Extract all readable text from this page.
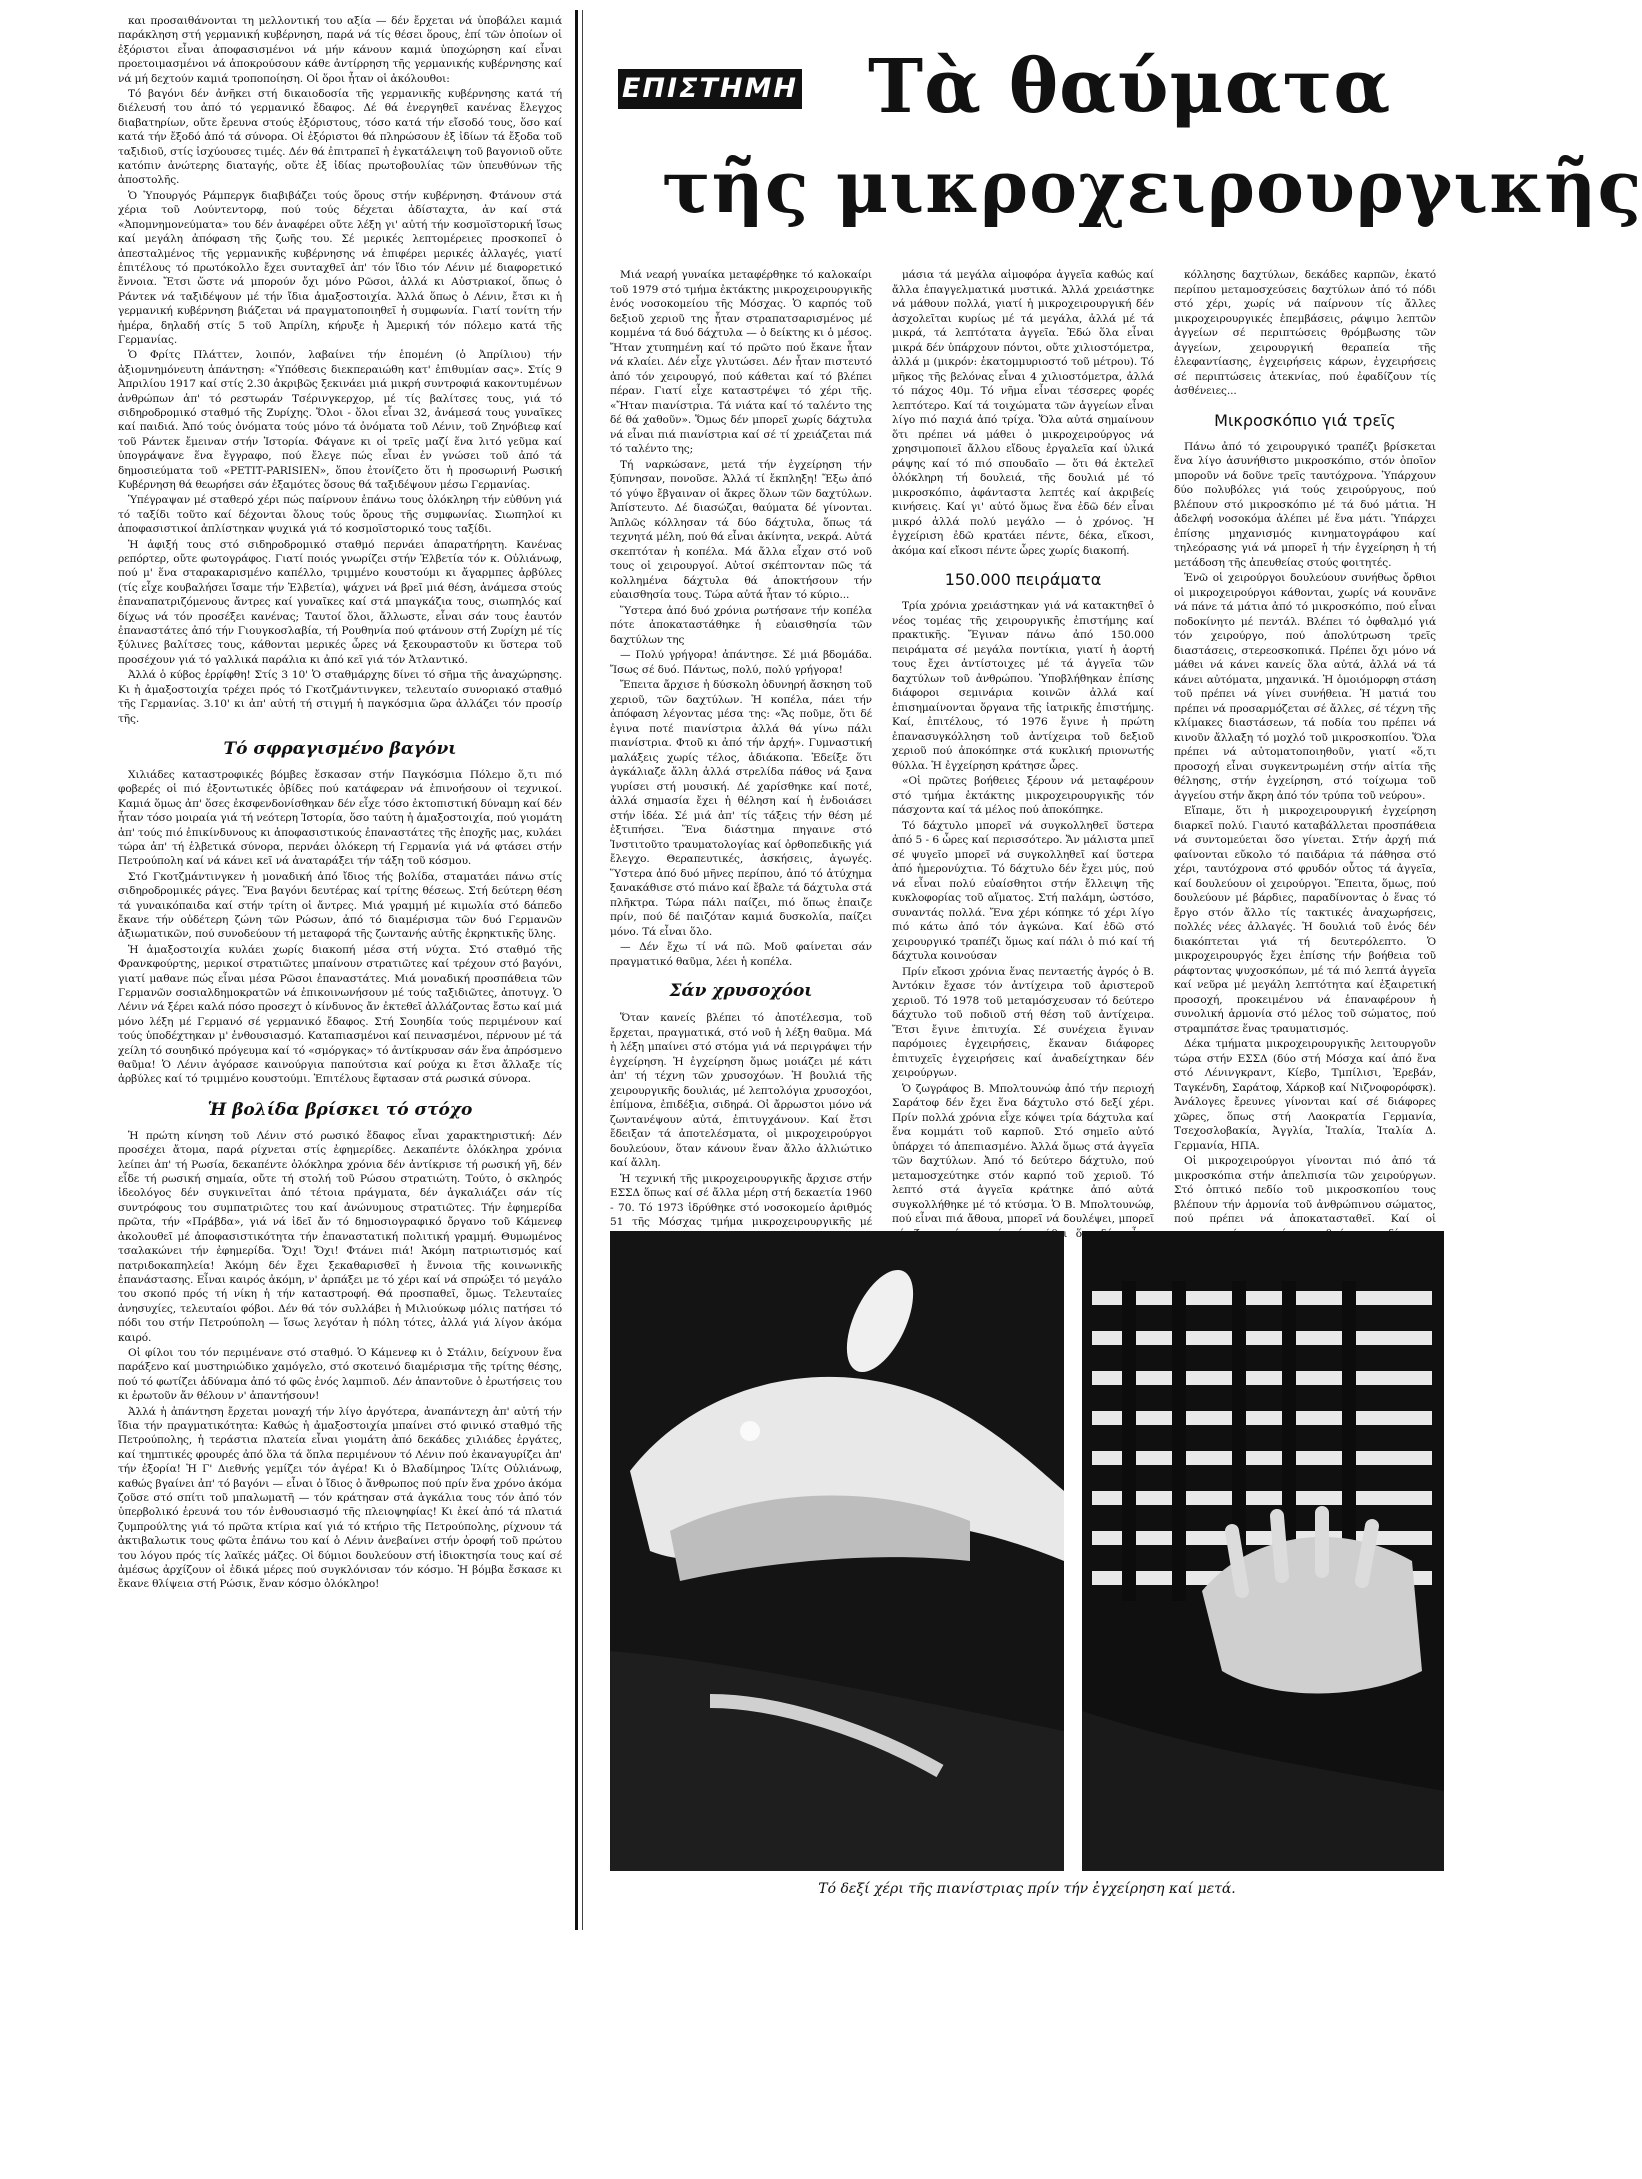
και προσαιθάνονται τη μελλοντική του αξία — δέν ἔρχεται νά ὑποβάλει καμιά παράκληση στή γερμανική κυβέρνηση, παρά νά τίς θέσει ὅρους, ἐπί τῶν ὁποίων οἱ ἐξόριστοι εἶναι ἀποφασισμένοι νά μήν κάνουν καμιά ὑποχώρηση καί εἶναι προετοιμασμένοι νά ἀποκρούσουν κάθε ἀντίρρηση τῆς γερμανικής κυβέρνησης καί νά μή δεχτούν καμιά τροποποίηση. Οἱ ὅροι ἦταν οἱ ἀκόλουθοι:

Τό βαγόνι δέν ἀνῆκει στή δικαιοδοσία τῆς γερμανικῆς κυβέρνησης κατά τή διέλευσή του ἀπό τό γερμανικό ἔδαφος. Δέ θά ἐνεργηθεῖ κανένας ἔλεγχος διαβατηρίων, οὔτε ἔρευνα στούς ἐξόριστους, τόσο κατά τήν εἴσοδό τους, ὅσο καί κατά τήν ἔξοδό ἀπό τά σύνορα. Οἱ ἐξόριστοι θά πληρώσουν ἐξ ἰδίων τά ἔξοδα τοῦ ταξιδιοῦ, στίς ἰσχύουσες τιμές. Δέν θά ἐπιτραπεῖ ἡ ἐγκατάλειψη τοῦ βαγονιοῦ οὔτε κατόπιν ἀνώτερης διαταγής, οὔτε ἐξ ἰδίας πρωτοβουλίας τῶν ὑπευθύνων τῆς ἀποστολῆς.

Ὁ Ὑπουργός Ράμπεργκ διαβιβάζει τούς ὅρους στήν κυβέρνηση. Φτάνουν στά χέρια τοῦ Λούντεντορφ, πού τούς δέχεται ἀδίσταχτα, ἀν καί στά «Ἀπομνημονεύματα» του δέν ἀναφέρει οὔτε λέξη γι' αὐτή τήν κοσμοϊστορική ἴσως καί μεγάλη ἀπόφαση τῆς ζωῆς του. Σέ μερικές λεπτομέρειες προσκοπεῖ ὁ ἀπεσταλμένος τῆς γερμανικῆς κυβέρνησης νά ἐπιφέρει μερικές ἀλλαγές, γιατί ἐπιτέλους τό πρωτόκολλο ἔχει συνταχθεῖ ἀπ' τόν ἴδιο τόν Λένιν μέ διαφορετικό ἔννοια. Ἔτσι ὥστε νά μπορούν ὄχι μόνο Ρῶσοι, ἀλλά κι Αὐστριακοί, ὅπως ὁ Ράντεκ νά ταξιδέψουν μέ τήν ἴδια ἀμαξοστοιχία. Ἀλλά ὅπως ὁ Λένιν, ἔτσι κι ἡ γερμανική κυβέρνηση βιάζεται νά πραγματοποιηθεῖ ἡ συμφωνία. Γιατί τονίτη τήν ἡμέρα, δηλαδή στίς 5 τοῦ Ἀπρίλη, κήρυξε ἡ Ἀμερική τόν πόλεμο κατά τῆς Γερμανίας.

Ὁ Φρίτς Πλάττεν, λοιπόν, λαβαίνει τήν ἑπομένη (ὁ Ἀπρίλιου) τήν ἀξιομνημόνευτη ἀπάντηση: «Ὑπόθεσις διεκπεραιώθη κατ' ἐπιθυμίαν σας». Στίς 9 Ἀπριλίου 1917 καί στίς 2.30 ἀκριβῶς ξεκινάει μιά μικρή συντροφιά κακοντυμένων ἀνθρώπων ἀπ' τό ρεστωράν Τσέρινγκερχορ, μέ τίς βαλίτσες τους, γιά τό σιδηροδρομικό σταθμό τῆς Ζυρίχης. Ὅλοι - ὅλοι εἶναι 32, ἀνάμεσά τους γυναῖκες καί παιδιά. Ἀπό τούς ὀνόματα τούς μόνο τά ὀνόματα τοῦ Λένιν, τοῦ Ζηνόβιεφ καί τοῦ Ράντεκ ἔμειναν στήν Ἱστορία. Φάγανε κι οἱ τρεῖς μαζί ἕνα λιτό γεῦμα καί ὑπογράψανε ἕνα ἔγγραφο, πού ἔλεγε πώς εἶναι ἐν γνώσει τοῦ ἀπό τά δημοσιεύματα τοῦ «ΡΕΤΙΤ-PARISIEN», ὅπου ἐτονίζετο ὅτι ἡ προσωρινή Ρωσική Κυβέρνηση θά θεωρήσει σάν ἐξαμότες ὅσους θά ταξιδέψουν μέσω Γερμανίας.

Ὑπέγραψαν μέ σταθερό χέρι πώς παίρνουν ἐπάνω τους ὁλόκληρη τήν εὐθύνη γιά τό ταξίδι τοῦτο καί δέχονται ὅλους τούς ὅρους τῆς συμφωνίας. Σιωπηλοί κι ἀποφασιστικοί ἀπλίστηκαν ψυχικά γιά τό κοσμοϊστορικό τους ταξίδι.

Ἡ ἀφιξή τους στό σιδηροδρομικό σταθμό περνάει ἀπαρατήρητη. Κανένας ρεπόρτερ, οὔτε φωτογράφος. Γιατί ποιός γνωρίζει στήν Ἑλβετία τόν κ. Οὐλιάνωφ, πού μ' ἕνα σταρακαρισμένο καπέλλο, τριμμένο κουστούμι κι ἄγαρμπες ἀρβύλες (τίς εἶχε κουβαλήσει ἴσαμε τήν Ἑλβετία), ψάχνει νά βρεῖ μιά θέση, ἀνάμεσα στούς ἐπαναπατριζόμενους ἄντρες καί γυναῖκες καί στά μπαγκάζια τους, σιωπηλός καί δίχως νά τόν προσέξει κανένας; Ταυτοί ὅλοι, ἄλλωστε, εἶναι σάν τους ἑαυτόν ἐπαναστάτες ἀπό τήν Γιουγκοσλαβία, τή Ρουθηνία πού φτάνουν στή Ζυρίχη μέ τίς ξύλινες βαλίτσες τους, κάθονται μερικές ὧρες νά ξεκουραστοῦν κι ὕστερα τοῦ προσέχουν γιά τό γαλλικά παράλια κι ἀπό κεῖ γιά τόν Ἀτλαντικό.

Ἀλλά ὁ κύβος ἐρρίφθη! Στίς 3 10' Ὁ σταθμάρχης δίνει τό σῆμα τῆς ἀναχώρησης. Κι ἡ ἀμαξοστοιχία τρέχει πρός τό Γκοτζμάντινγκεν, τελευταίο συνοριακό σταθμό τῆς Γερμανίας. 3.10' κι ἀπ' αὐτή τή στιγμή ἡ παγκόσμια ὥρα ἀλλάζει τόν προσίρ τῆς.

Τό σφραγισμένο βαγόνι

Χιλιάδες καταστροφικές βόμβες ἔσκασαν στήν Παγκόσμια Πόλεμο ὅ,τι πιό φοβερές οἱ πιό ἐξοντωτικές ὀβίδες πού κατάφεραν νά ἐπινοήσουν οἱ τεχνικοί. Καμιά ὅμως ἀπ' ὅσες ἐκσφενδονίσθηκαν δέν εἶχε τόσο ἐκτοπιστική δύναμη καί δέν ἦταν τόσο μοιραία γιά τή νεότερη Ἱστορία, ὅσο ταύτη ἡ ἀμαξοστοιχία, πού γιομάτη ἀπ' τούς πιό ἐπικίνδυνους κι ἀποφασιστικούς ἐπαναστάτες τῆς ἐποχῆς μας, κυλάει τώρα ἀπ' τή ἑλβετικά σύνορα, περνάει ὁλόκερη τή Γερμανία γιά νά φτάσει στήν Πετρούπολη καί νά κάνει κεῖ νά ἀναταράξει τήν τάξη τοῦ κόσμου.

Στό Γκοτζμάντινγκεν ἡ μοναδική ἀπό ἴδιος τής βολίδα, σταματάει πάνω στίς σιδηροδρομικές ράγες. Ἕνα βαγόνι δευτέρας καί τρίτης θέσεως. Στή δεύτερη θέση τά γυναικόπαιδα καί στήν τρίτη οἱ ἄντρες. Μιά γραμμή μέ κιμωλία στό δάπεδο ἔκανε τήν οὐδέτερη ζώνη τῶν Ρώσων, ἀπό τό διαμέρισμα τῶν δυό Γερμανῶν ἀξιωματικῶν, πού συνοδεύουν τή μεταφορά τῆς ζωντανής αὐτῆς ἐκρηκτικῆς ὕλης.

Ἡ ἀμαξοστοιχία κυλάει χωρίς διακοπή μέσα στή νύχτα. Στό σταθμό τῆς Φρανκφούρτης, μερικοί στρατιῶτες μπαίνουν στρατιῶτες καί τρέχουν στό βαγόνι, γιατί μαθανε πώς εἶναι μέσα Ρῶσοι ἐπαναστάτες. Μιά μοναδική προσπάθεια τῶν Γερμανῶν σοσιαλδημοκρατῶν νά ἐπικοινωνήσουν μέ τούς ταξιδιῶτες, ἀποτυγχ. Ὁ Λένιν νά ξέρει καλά πόσο προσεχτ ὁ κίνδυνος ἄν ἐκτεθεῖ ἀλλάζοντας ἔστω καί μιά μόνο λέξη μέ Γερμανό σέ γερμανικό ἔδαφος. Στή Σουηδία τούς περιμένουν καί τούς ὑποδέχτηκαν μ' ἐνθουσιασμό. Καταπιασμένοι καί πεινασμένοι, πέρνουν μέ τά χείλη τό σουηδικό πρόγευμα καί τό «σμόργκας» τό ἀντίκρυσαν σάν ἕνα ἀπρόσμενο θαῦμα! Ὁ Λένιν ἀγόρασε καινούργια παπούτσια καί ρούχα κι ἔτσι ἄλλαξε τίς ἀρβύλες καί τό τριμμένο κουστούμι. Ἐπιτέλους ἔφτασαν στά ρωσικά σύνορα.

Ἡ βολίδα βρίσκει τό στόχο

Ἡ πρώτη κίνηση τοῦ Λένιν στό ρωσικό ἔδαφος εἶναι χαρακτηριστική: Δέν προσέχει ἄτομα, παρά ρίχνεται στίς ἐφημερίδες. Δεκαπέντε ὁλόκληρα χρόνια λείπει ἀπ' τή Ρωσία, δεκαπέντε ὁλόκληρα χρόνια δέν ἀντίκρισε τή ρωσική γῆ, δέν εἶδε τή ρωσική σημαία, οὔτε τή στολή τοῦ Ρώσου στρατιώτη. Τούτο, ὁ σκληρός ἰδεολόγος δέν συγκινεῖται ἀπό τέτοια πράγματα, δέν ἀγκαλιάζει σάν τίς συντρόφους του συμπατριῶτες του καί ἀνώνυμους στρατιῶτες. Τήν ἐφημερίδα πρῶτα, τήν «Πράβδα», γιά νά ἰδεῖ ἄν τό δημοσιογραφικό ὄργανο τοῦ Κάμενεφ ἀκολουθεῖ μέ ἀποφασιστικότητα τήν ἐπαναστατική πολιτική γραμμή. Θυμωμένος τσαλακώνει τήν ἐφημερίδα. Ὄχι! Ὄχι! Φτάνει πιά! Ἀκόμη πατριωτισμός καί πατριδοκαπηλεία! Ἀκόμη δέν ἔχει ξεκαθαρισθεῖ ἡ ἔννοια τῆς κοινωνικῆς ἐπανάστασης. Εἶναι καιρός ἀκόμη, ν' ἀρπάξει με τό χέρι καί νά σπρώξει τό μεγάλο του σκοπό πρός τή νίκη ἡ τήν καταστροφή. Θά προσπαθεῖ, ὅμως. Τελευταίες ἀνησυχίες, τελευταίοι φόβοι. Δέν θά τόν συλλάβει ἡ Μιλιούκωφ μόλις πατήσει τό πόδι του στήν Πετρούπολη — ἴσως λεγόταν ἡ πόλη τότες, ἀλλά γιά λίγον ἀκόμα καιρό.

Οἱ φίλοι του τόν περιμένανε στό σταθμό. Ὁ Κάμενεφ κι ὁ Στάλιν, δείχνουν ἕνα παράξενο καί μυστηριώδικο χαμόγελο, στό σκοτεινό διαμέρισμα τῆς τρίτης θέσης, πού τό φωτίζει ἀδύναμα ἀπό τό φῶς ἑνός λαμπιοῦ. Δέν ἀπαντοῦνε ὁ ἐρωτήσεις του κι ἐρωτοῦν ἄν θέλουν ν' ἀπαντήσουν!

Ἀλλά ἡ ἀπάντηση ἔρχεται μοναχή τήν λίγο ἀργότερα, ἀναπάντεχη ἀπ' αὐτή τήν ἴδια τήν πραγματικότητα: Καθώς ἡ ἀμαξοστοιχία μπαίνει στό φινικό σταθμό τῆς Πετρούπολης, ἡ τεράστια πλατεία εἶναι γιομάτη ἀπό δεκάδες χιλιάδες ἐργάτες, καί τημπτικές φρουρές ἀπό ὅλα τά ὅπλα περιμένουν τό Λένιν πού ἐκαναγυρίζει ἀπ' τήν ἐξορία! Ἡ Γ' Διεθνής γεμίζει τόν ἀγέρα! Κι ὁ Βλαδίμηρος Ἰλίτς Οὐλιάνωφ, καθώς βγαίνει ἀπ' τό βαγόνι — εἶναι ὁ ἴδιος ὁ ἄνθρωπος πού πρίν ἕνα χρόνο ἀκόμα ζοῦσε στό σπίτι τοῦ μπαλωματῆ — τόν κράτησαν στά ἀγκάλια τους τόν ἀπό τόν ὑπερβολικό ἐρευνά του τόν ἐνθουσιασμό τῆς πλειοψηφίας! Κι ἐκεί ἀπό τά πλατιά ζυμπρούλτης γιά τό πρῶτα κτίρια καί γιά τό κτήριο τῆς Πετρούπολης, ρίχνουν τά ἀκτιβαλωτικ τους φῶτα ἐπάνω του καί ὁ Λένιν ἀνεβαίνει στήν ὀροφή τοῦ πρώτου του λόγου πρός τίς λαϊκές μάζες. Οἱ δύμιοι δουλεύουν στή ἱδιοκτησία τους καί σέ ἀμέσως ἀρχίζουν οἱ ἐδικά μέρες πού συγκλόνισαν τόν κόσμο. Ἡ βόμβα ἔσκασε κι ἔκανε θλίψεια στή Ρώσικ, ἕναν κόσμο ὁλόκληρο!

ΕΠΙΣΤΗΜΗ Τὰ θαύματα
τῆς μικροχειρουργικῆς

Μιά νεαρή γυναίκα μεταφέρθηκε τό καλοκαίρι τοῦ 1979 στό τμήμα ἐκτάκτης μικροχειρουργικῆς ἑνός νοσοκομείου τῆς Μόσχας. Ὁ καρπός τοῦ δεξιοῦ χεριοῦ της ἦταν στραπατσαρισμένος μέ κομμένα τά δυό δάχτυλα — ὁ δείκτης κι ὁ μέσος. Ἤταν χτυπημένη καί τό πρῶτο πού ἔκανε ἦταν νά κλαίει. Δέν εἶχε γλυτώσει. Δέν ἦταν πιστευτό ἀπό τόν χειρουργό, πού κάθεται καί τό βλέπει πέραν. Γιατί εἶχε καταστρέψει τό χέρι τῆς. «Ἤταν πιανίστρια. Τά νιάτα καί τό ταλέντο της δέ θά χαθοῦν». Ὅμως δέν μπορεῖ χωρίς δάχτυλα νά εἶναι πιά πιανίστρια καί σέ τί χρειάζεται πιά τό ταλέντο της;

Τή ναρκώσανε, μετά τήν ἐγχείρηση τήν ξύπνησαν, πονοῦσε. Ἀλλά τί ἔκπληξη! Ἔξω ἀπό τό γύψο ἔβγαιναν οἱ ἄκρες ὅλων τῶν δαχτύλων. Ἀπίστευτο. Δέ διασώζαι, θαύματα δέ γίνονται. Ἁπλῶς κόλλησαν τά δύο δάχτυλα, ὅπως τά τεχνητά μέλη, πού θά εἶναι ἀκίνητα, νεκρά. Αὐτά σκεπτόταν ἡ κοπέλα. Μά ἄλλα εἶχαν στό νοῦ τους οἱ χειρουργοί. Αὐτοί σκέπτονταν πῶς τά κολλημένα δάχτυλα θά ἀποκτήσουν τήν εὐαισθησία τους. Τώρα αὐτά ἦταν τό κύριο...

Ὕστερα ἀπό δυό χρόνια ρωτήσανε τήν κοπέλα πότε ἀποκαταστάθηκε ἡ εὐαισθησία τῶν δαχτύλων της

— Πολύ γρήγορα! ἀπάντησε. Σέ μιά βδομάδα. Ἴσως σέ δυό. Πάντως, πολύ, πολύ γρήγορα!

Ἔπειτα ἄρχισε ἡ δύσκολη ὀδυνηρή ἄσκηση τοῦ χεριοῦ, τῶν δαχτύλων. Ἡ κοπέλα, πάει τήν ἀπόφαση λέγοντας μέσα της: «Ἄς ποῦμε, ὅτι δέ ἐγινα ποτέ πιανίστρια ἀλλά θά γίνω πάλι πιανίστρια. Φτοῦ κι ἀπό τήν ἀρχή». Γυμναστική μαλάξεις χωρίς τέλος, ἀδιάκοπα. Ἐδείξε ὅτι ἀγκάλιαζε ἄλλη ἀλλά στρελίδα πάθος νά ξανα γυρίσει στή μουσική. Δέ χαρίσθηκε καί ποτέ, ἀλλά σημασία ἔχει ἡ θέληση καί ἡ ἐνδοιάσει στήν ἰδέα. Σέ μιά ἀπ' τίς τάξεις τήν θέση μέ ἐξτιπήσει. Ἕνα διάστημα πηγαινε στό Ἰνστιτοῦτο τραυματολογίας καί ὀρθοπεδικῆς γιά ἔλεγχο. Θεραπευτικές, ἀσκήσεις, ἀγωγές. Ὕστερα ἀπό δυό μῆνες περίπου, ἀπό τό ἀτύχημα ξανακάθισε στό πιάνο καί ἔβαλε τά δάχτυλα στά πλῆκτρα. Τώρα πάλι παίζει, πιό ὅπως ἐπαιζε πρίν, πού δέ παιζόταν καμιά δυσκολία, παίζει μόνο. Τά εἶναι ὅλο.

— Δέν ἔχω τί νά πῶ. Μοῦ φαίνεται σάν πραγματικό θαῦμα, λέει ἡ κοπέλα.

Σάν χρυσοχόοι

Ὅταν κανείς βλέπει τό ἀποτέλεσμα, τοῦ ἔρχεται, πραγματικά, στό νοῦ ἡ λέξη θαῦμα. Μά ἡ λέξη μπαίνει στό στόμα γιά νά περιγράψει τήν ἐγχείρηση. Ἡ ἐγχείρηση ὅμως μοιάζει μέ κάτι ἀπ' τή τέχνη τῶν χρυσοχόων. Ἡ βουλιά τῆς χειρουργικῆς δουλιάς, μέ λεπτολόγια χρυσοχόοι, ἐπίμονα, ἐπιδέξια, σιδηρά. Οἱ ἄρρωστοι μόνο νά ζωντανέψουν αὐτά, ἐπιτυγχάνουν. Καί ἔτσι ἔδειξαν τά ἀποτελέσματα, οἱ μικροχειρούργοι δουλεύουν, ὅταν κάνουν ἕναν ἄλλο ἀλλιώτικο καί ἄλλη.

Ἡ τεχνική τῆς μικροχειρουργικῆς ἄρχισε στήν ΕΣΣΔ ὅπως καί σέ ἄλλα μέρη στή δεκαετία 1960 - 70. Τό 1973 ἱδρύθηκε στό νοσοκομείο ἀριθμός 51 τῆς Μόσχας τμήμα μικροχειρουργικῆς μέ

μάσια τά μεγάλα αἱμοφόρα ἀγγεῖα καθώς καί ἄλλα ἐπαγγελματικά μυστικά. Ἀλλά χρειάστηκε νά μάθουν πολλά, γιατί ἡ μικροχειρουργική δέν ἀσχολεῖται κυρίως μέ τά μεγάλα, ἀλλά μέ τά μικρά, τά λεπτότατα ἀγγεῖα. Ἐδώ ὅλα εἶναι μικρά δέν ὑπάρχουν πόντοι, οὔτε χιλιοστόμετρα, ἀλλά μ (μικρόν: ἑκατομμυριοστό τοῦ μέτρου). Τό μῆκος τῆς βελόνας εἶναι 4 χιλιοστόμετρα, ἀλλά τό πάχος 40μ. Τό νῆμα εἶναι τέσσερες φορές λεπτότερο. Καί τά τοιχώματα τῶν ἀγγείων εἶναι λίγο πιό παχιά ἀπό τρίχα. Ὅλα αὐτά σημαίνουν ὅτι πρέπει νά μάθει ὁ μικροχειρούργος νά χρησιμοποιεῖ ἄλλου εἴδους ἐργαλεῖα καί ὑλικά ράψης καί τό πιό σπουδαῖο — ὅτι θά ἐκτελεῖ ὁλόκληρη τή δουλειά, τῆς δουλιά μέ τό μικροσκόπιο, ἀφάνταστα λεπτές καί ἀκριβείς κινήσεις. Καί γι' αὐτό ὅμως ἕνα ἐδῶ δέν εἶναι μικρό ἀλλά πολύ μεγάλο — ὁ χρόνος. Ἡ ἐγχείριση ἐδῶ κρατάει πέντε, δέκα, εἴκοσι, ἀκόμα καί εἴκοσι πέντε ὧρες χωρίς διακοπή.

150.000 πειράματα

Τρία χρόνια χρειάστηκαν γιά νά κατακτηθεῖ ὁ νέος τομέας τῆς χειρουργικῆς ἐπιστήμης καί πρακτικῆς. Ἔγιναν πάνω ἀπό 150.000 πειράματα σέ μεγάλα ποντίκια, γιατί ἡ ἀορτή τους ἔχει ἀντίστοιχες μέ τά ἀγγεῖα τῶν δαχτύλων τοῦ ἀνθρώπου. Ὑποβλήθηκαν ἐπίσης διάφοροι σεμινάρια κοινῶν ἀλλά καί ἐπισημαίνονται ὅργανα τῆς ἰατρικῆς ἐπιστήμης. Καί, ἐπιτέλους, τό 1976 ἔγινε ἡ πρώτη ἐπανασυγκόλληση τοῦ ἀντίχειρα τοῦ δεξιοῦ χεριοῦ πού ἀποκόπηκε στά κυκλική πριονωτής θύλλα. Ἡ ἐγχείρηση κράτησε ὧρες.

«Οἱ πρῶτες βοήθειες ξέρουν νά μεταφέρουν στό τμήμα ἐκτάκτης μικροχειρουργικῆς τόν πάσχοντα καί τά μέλος πού ἀποκόπηκε.

Τό δάχτυλο μπορεῖ νά συγκολληθεῖ ὕστερα ἀπό 5 - 6 ὧρες καί περισσότερο. Ἄν μάλιστα μπεῖ σέ ψυγεῖο μπορεῖ νά συγκολληθεῖ καί ὕστερα ἀπό ἡμερονύχτια. Τό δάχτυλο δέν ἔχει μύς, πού νά εἶναι πολύ εὐαίσθητοι στήν ἔλλειψη τῆς κυκλοφορίας τοῦ αἵματος. Στή παλάμη, ὡστόσο, συναντάς πολλά. Ἔνα χέρι κόπηκε τό χέρι λίγο πιό κάτω ἀπό τόν ἀγκώνα. Καί ἐδῶ στό χειρουργικό τραπέζι ὅμως καί πάλι ὁ πιό καί τή δάχτυλα κοινούσαν

Πρίν εἴκοσι χρόνια ἕνας πενταετής ἀγρός ὁ Β. Ἀντόκιν ἔχασε τόν ἀντίχειρα τοῦ ἀριστεροῦ χεριοῦ. Τό 1978 τοῦ μεταμόσχευσαν τό δεύτερο δάχτυλο τοῦ ποδιοῦ στή θέση τοῦ ἀντίχειρα. Ἔτσι ἔγινε ἐπιτυχία. Σέ συνέχεια ἔγιναν παρόμοιες ἐγχειρήσεις, ἔκαναν διάφορες ἐπιτυχεῖς ἐγχειρήσεις καί ἀναδείχτηκαν δέν χειρούργων.

Ὁ ζωγράφος Β. Μπολτουνώφ ἀπό τήν περιοχή Σαράτοφ δέν ἔχει ἕνα δάχτυλο στό δεξί χέρι. Πρίν πολλά χρόνια εἶχε κόψει τρία δάχτυλα καί ἕνα κομμάτι τοῦ καρποῦ. Στό σημεῖο αὐτό ὑπάρχει τό ἀπεπιασμένο. Ἀλλά ὅμως στά ἀγγεῖα τῶν δαχτύλων. Ἀπό τό δεύτερο δάχτυλο, πού μεταμοσχεύτηκε στόν καρπό τοῦ χεριοῦ. Τό λεπτό στά ἀγγεῖα κράτηκε ἀπό αὐτά συγκολλήθηκε μέ τό κτύσμα. Ὁ Β. Μπολτουνώφ, πού εἶναι πιά ἄθουα, μπορεῖ νά δουλέψει, μπορεῖ

κόλλησης δαχτύλων, δεκάδες καρπῶν, ἑκατό περίπου μεταμοσχεύσεις δαχτύλων ἀπό τό πόδι στό χέρι, χωρίς νά παίρνουν τίς ἄλλες μικροχειρουργικές ἐπεμβάσεις, ράψιμο λεπτῶν ἀγγείων σέ περιπτώσεις θρόμβωσης τῶν ἀγγείων, χειρουργική θεραπεία τῆς ἐλεφαντίασης, ἐγχειρήσεις κάρων, ἐγχειρήσεις σέ περιπτώσεις ἀτεκνίας, πού ἐφαδίζουν τίς ἀσθένειες...

Μικροσκόπιο γιά τρεῖς

Πάνω ἀπό τό χειρουργικό τραπέζι βρίσκεται ἕνα λίγο ἀσυνήθιστο μικροσκόπιο, στόν ὁποῖον μποροῦν νά δοῦνε τρεῖς ταυτόχρονα. Ὑπάρχουν δύο πολυβόλες γιά τούς χειρούργους, πού βλέπουν στό μικροσκόπιο μέ τά δυό μάτια. Ἡ ἀδελφή νοσοκόμα ἀλέπει μέ ἕνα μάτι. Ὑπάρχει ἐπίσης μηχανισμός κινηματογράφου καί τηλεόρασης γιά νά μπορεῖ ἡ τήν ἐγχείρηση ἡ τή μετάδοση τῆς ἀπευθείας στούς φοιτητές.

Ἐνῶ οἱ χειρούργοι δουλεύουν συνήθως ὄρθιοι οἱ μικροχειρούργοι κάθονται, χωρίς νά κουνᾶνε νά πάνε τά μάτια ἀπό τό μικροσκόπιο, πού εἶναι ποδοκίνητο μέ πεντάλ. Βλέπει τό ὀφθαλμό γιά τόν χειρούργο, πού ἀπολύτρωση τρεῖς διαστάσεις, στερεοσκοπικά. Πρέπει ὄχι μόνο νά μάθει νά κάνει κανείς ὅλα αὐτά, ἀλλά νά τά κάνει αὐτόματα, μηχανικά. Ἡ ὁμοιόμορφη στάση τοῦ πρέπει νά γίνει συνήθεια. Ἡ ματιά του πρέπει νά προσαρμόζεται σέ ἄλλες, σέ τέχνη τῆς κλίμακες διαστάσεων, τά ποδία του πρέπει νά κινοῦν ἄλλαξη τό μοχλό τοῦ μικροσκοπίου. Ὅλα πρέπει νά αὐτοματοποιηθοῦν, γιατί «ὅ,τι προσοχή εἶναι συγκεντρωμένη στήν αἰτία τῆς θέλησης, στήν ἐγχείρηση, στό τοίχωμα τοῦ ἀγγείου στήν ἄκρη ἀπό τόν τρύπα τοῦ νεύρου».

Εἴπαμε, ὅτι ἡ μικροχειρουργική ἐγχείρηση διαρκεῖ πολύ. Γιαυτό καταβάλλεται προσπάθεια νά συντομεύεται ὅσο γίνεται. Στήν ἀρχή πιά φαίνονται εὔκολο τό παιδάρια τά πάθησα στό χέρι, ταυτόχρονα στό φρυδόν οὗτος τά ἀγγεῖα, καί δουλεύουν οἱ χειρούργοι. Ἔπειτα, ὅμως, πού δουλεύουν μέ βάρδιες, παραδίνοντας ὁ ἕνας τό ἔργο στόν ἄλλο τίς τακτικές ἀναχωρήσεις, πολλές νέες ἀλλαγές. Ἡ δουλιά τοῦ ἑνός δέν διακόπτεται γιά τή δευτερόλεπτο. Ὁ μικροχειρουργός ἔχει ἐπίσης τήν βοήθεια τοῦ ράφτοντας ψυχοσκόπων, μέ τά πιό λεπτά ἀγγεῖα καί νεῦρα μέ μεγάλη λεπτότητα καί ἐξαιρετική προσοχή, προκειμένου νά ἐπαναφέρουν ἡ συνολική ἁρμονία στό μέλος τοῦ σώματος, πού στραμπάτσε ἕνας τραυματισμός.

Δέκα τμήματα μικροχειρουργικῆς λειτουργοῦν τώρα στήν ΕΣΣΔ (δύο στή Μόσχα καί ἀπό ἕνα στό Λένινγκραντ, Κίεβο, Τμπίλισι, Ἐρεβάν, Ταγκένδη, Σαράτοφ, Χάρκοβ καί Νιζνοφορόφσκ). Ἀνάλογες ἔρευνες γίνονται καί σέ διάφορες χῶρες, ὅπως στή Λαοκρατία Γερμανία, Τσεχοσλοβακία, Ἀγγλία, Ἰταλία, Ἰταλία Δ. Γερμανία, ΗΠΑ.

Οἱ μικροχειρούργοι γίνονται πιό ἀπό τά μικροσκόπια στήν ἀπελπισία τῶν χειρούργων. Στό ὀπτικό πεδίο τοῦ μικροσκοπίου τους βλέπουν τήν ἁρμονία τοῦ ἀνθρώπινου σώματος, πού πρέπει νά ἀποκατασταθεῖ. Καί οἱ

Τό δεξί χέρι τῆς πιανίστριας πρίν τήν ἐγχείρηση καί μετά.
